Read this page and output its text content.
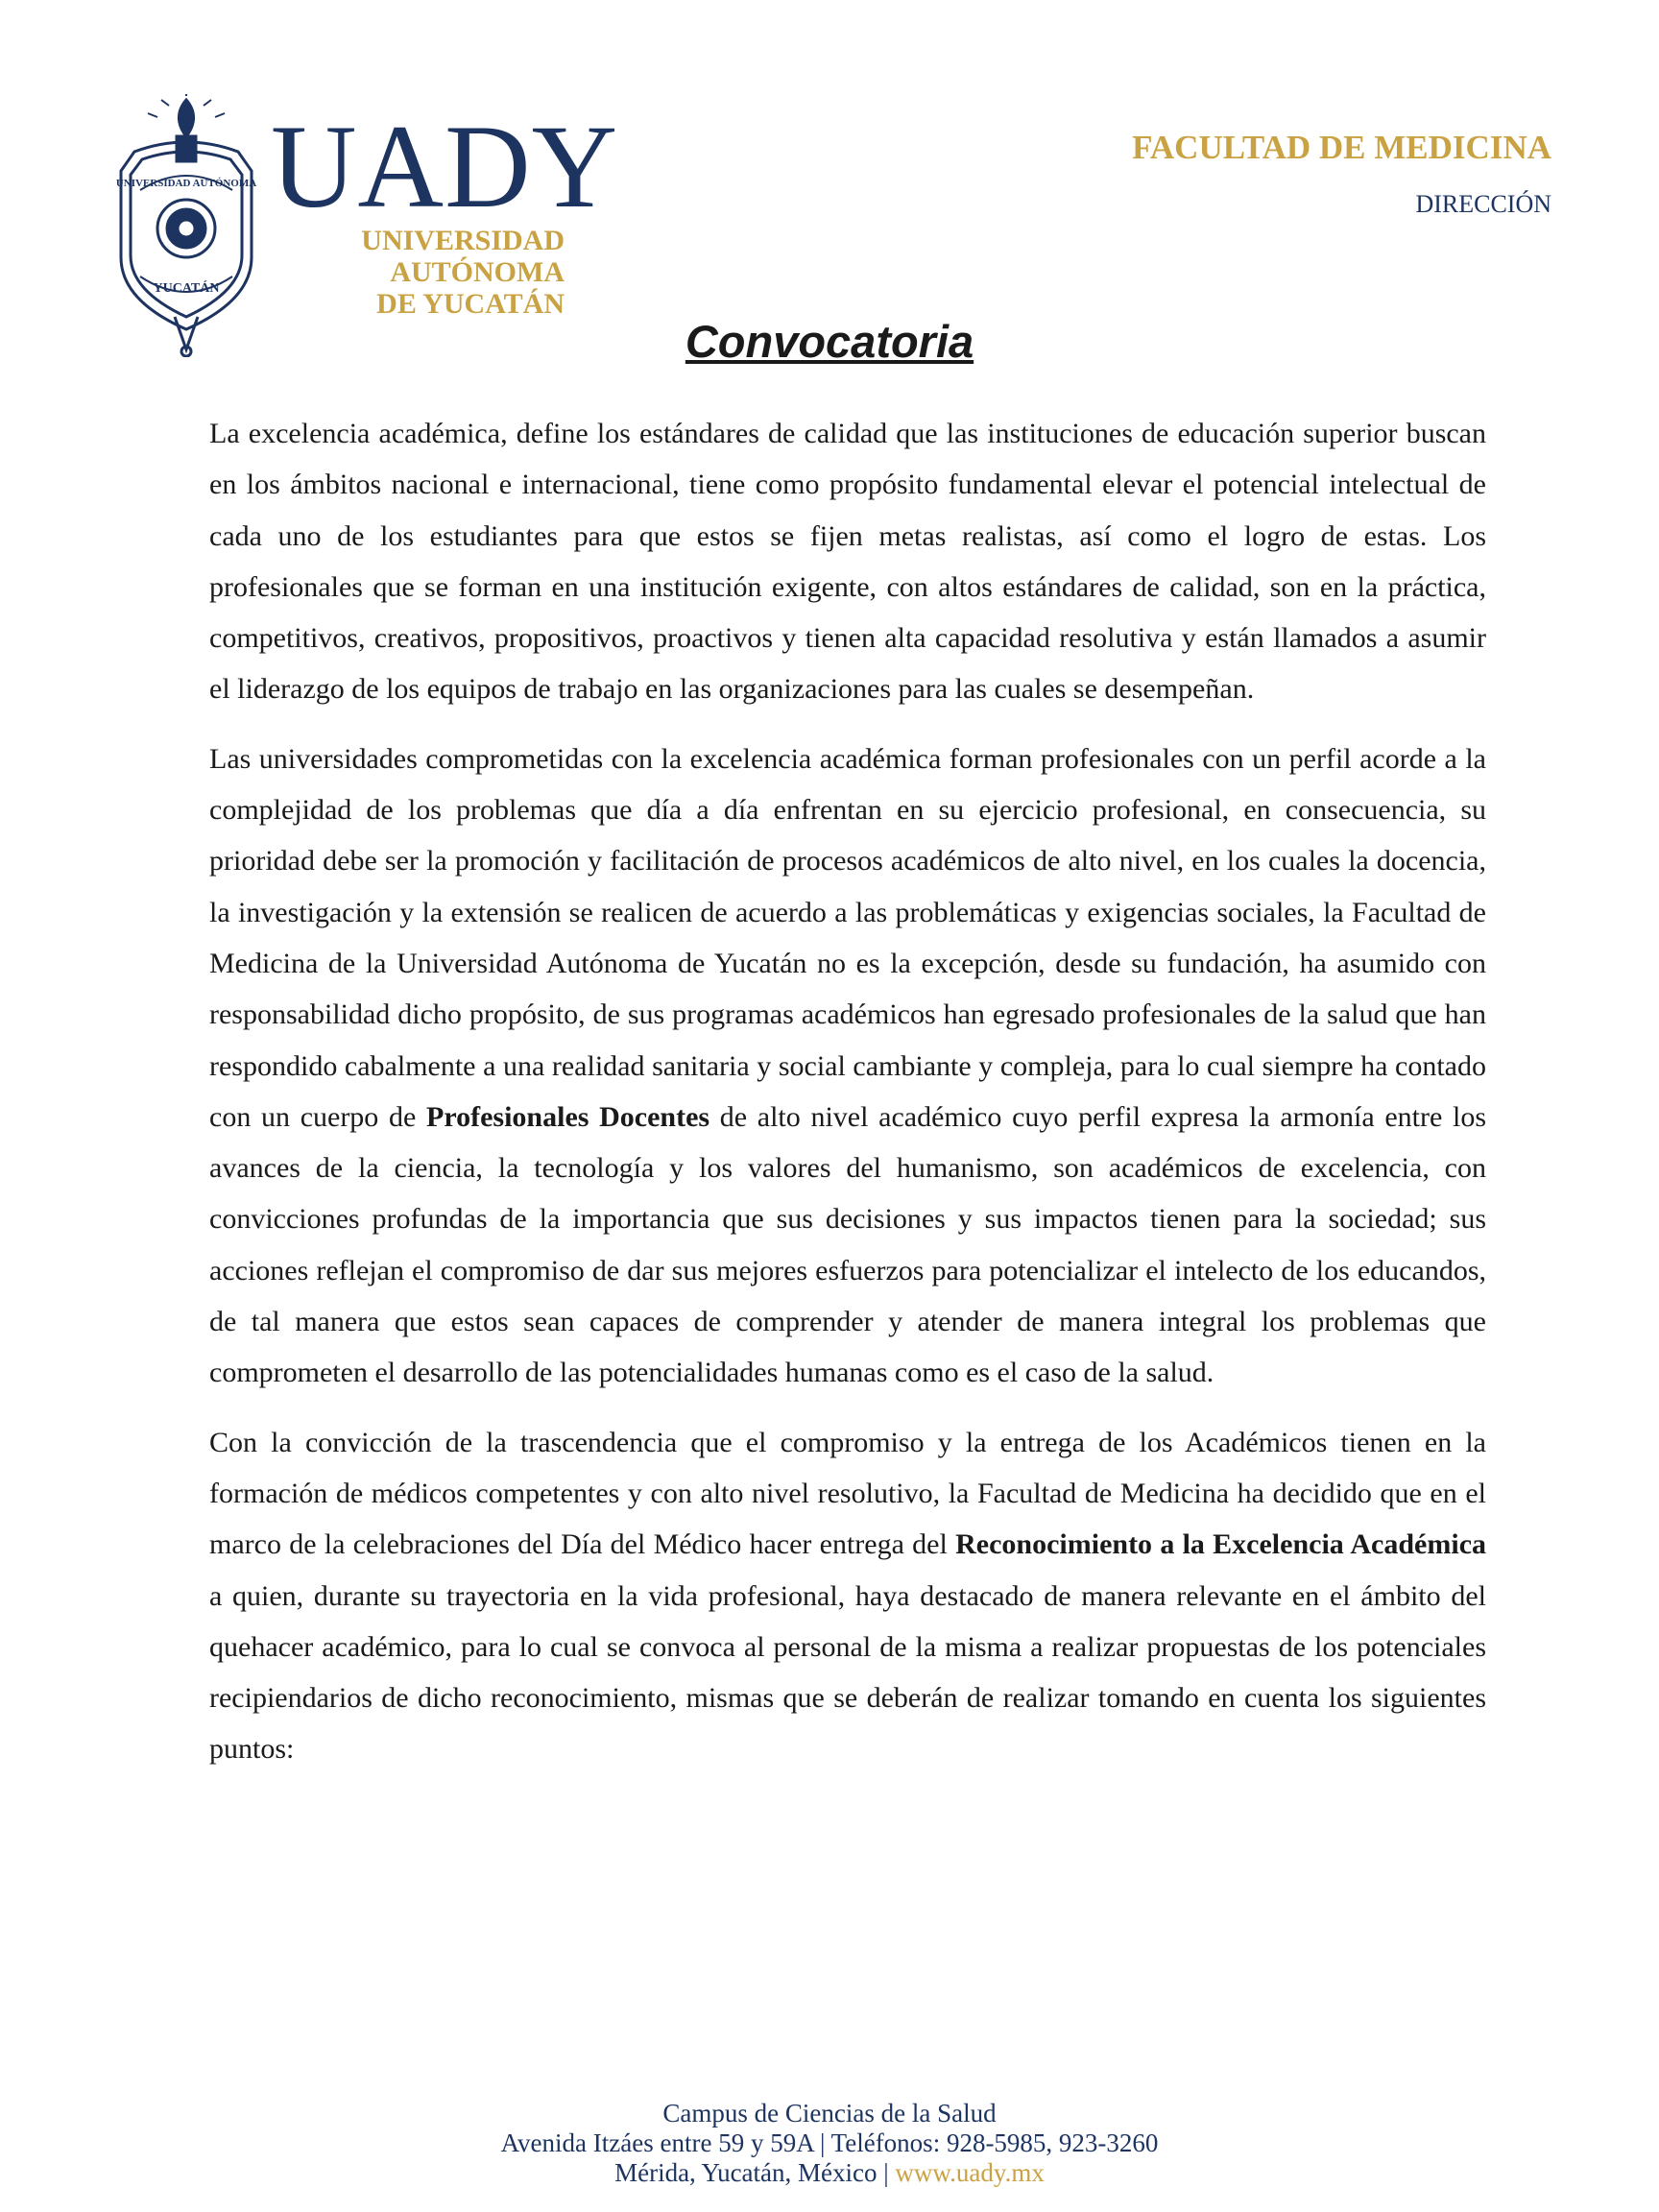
UNIVERSIDAD AUTÓNOMA
YUCATÁN
UADY
UNIVERSIDAD
AUTÓNOMA
DE YUCATÁN
FACULTAD DE MEDICINA
DIRECCIÓN
Convocatoria

La excelencia académica, define los estándares de calidad que las instituciones de educación superior buscan en los ámbitos nacional e internacional, tiene como propósito fundamental elevar el potencial intelectual de cada uno de los estudiantes para que estos se fijen metas realistas, así como el logro de estas. Los profesionales que se forman en una institución exigente, con altos estándares de calidad, son en la práctica, competitivos, creativos, propositivos, proactivos y tienen alta capacidad resolutiva y están llamados a asumir el liderazgo de los equipos de trabajo en las organizaciones para las cuales se desempeñan.

Las universidades comprometidas con la excelencia académica forman profesionales con un perfil acorde a la complejidad de los problemas que día a día enfrentan en su ejercicio profesional, en consecuencia, su prioridad debe ser la promoción y facilitación de procesos académicos de alto nivel, en los cuales la docencia, la investigación y la extensión se realicen de acuerdo a las problemáticas y exigencias sociales, la Facultad de Medicina de la Universidad Autónoma de Yucatán no es la excepción, desde su fundación, ha asumido con responsabilidad dicho propósito, de sus programas académicos han egresado profesionales de la salud que han respondido cabalmente a una realidad sanitaria y social cambiante y compleja, para lo cual siempre ha contado con un cuerpo de Profesionales Docentes de alto nivel académico cuyo perfil expresa la armonía entre los avances de la ciencia, la tecnología y los valores del humanismo, son académicos de excelencia, con convicciones profundas de la importancia que sus decisiones y sus impactos tienen para la sociedad; sus acciones reflejan el compromiso de dar sus mejores esfuerzos para potencializar el intelecto de los educandos, de tal manera que estos sean capaces de comprender y atender de manera integral los problemas que comprometen el desarrollo de las potencialidades humanas como es el caso de la salud.

Con la convicción de la trascendencia que el compromiso y la entrega de los Académicos tienen en la formación de médicos competentes y con alto nivel resolutivo, la Facultad de Medicina ha decidido que en el marco de la celebraciones del Día del Médico hacer entrega del Reconocimiento a la Excelencia Académica a quien, durante su trayectoria en la vida profesional, haya destacado de manera relevante en el ámbito del quehacer académico, para lo cual se convoca al personal de la misma a realizar propuestas de los potenciales recipiendarios de dicho reconocimiento, mismas que se deberán de realizar tomando en cuenta los siguientes puntos:

Campus de Ciencias de la Salud
Avenida Itzáes entre 59 y 59A | Teléfonos: 928-5985, 923-3260
Mérida, Yucatán, México | www.uady.mx
